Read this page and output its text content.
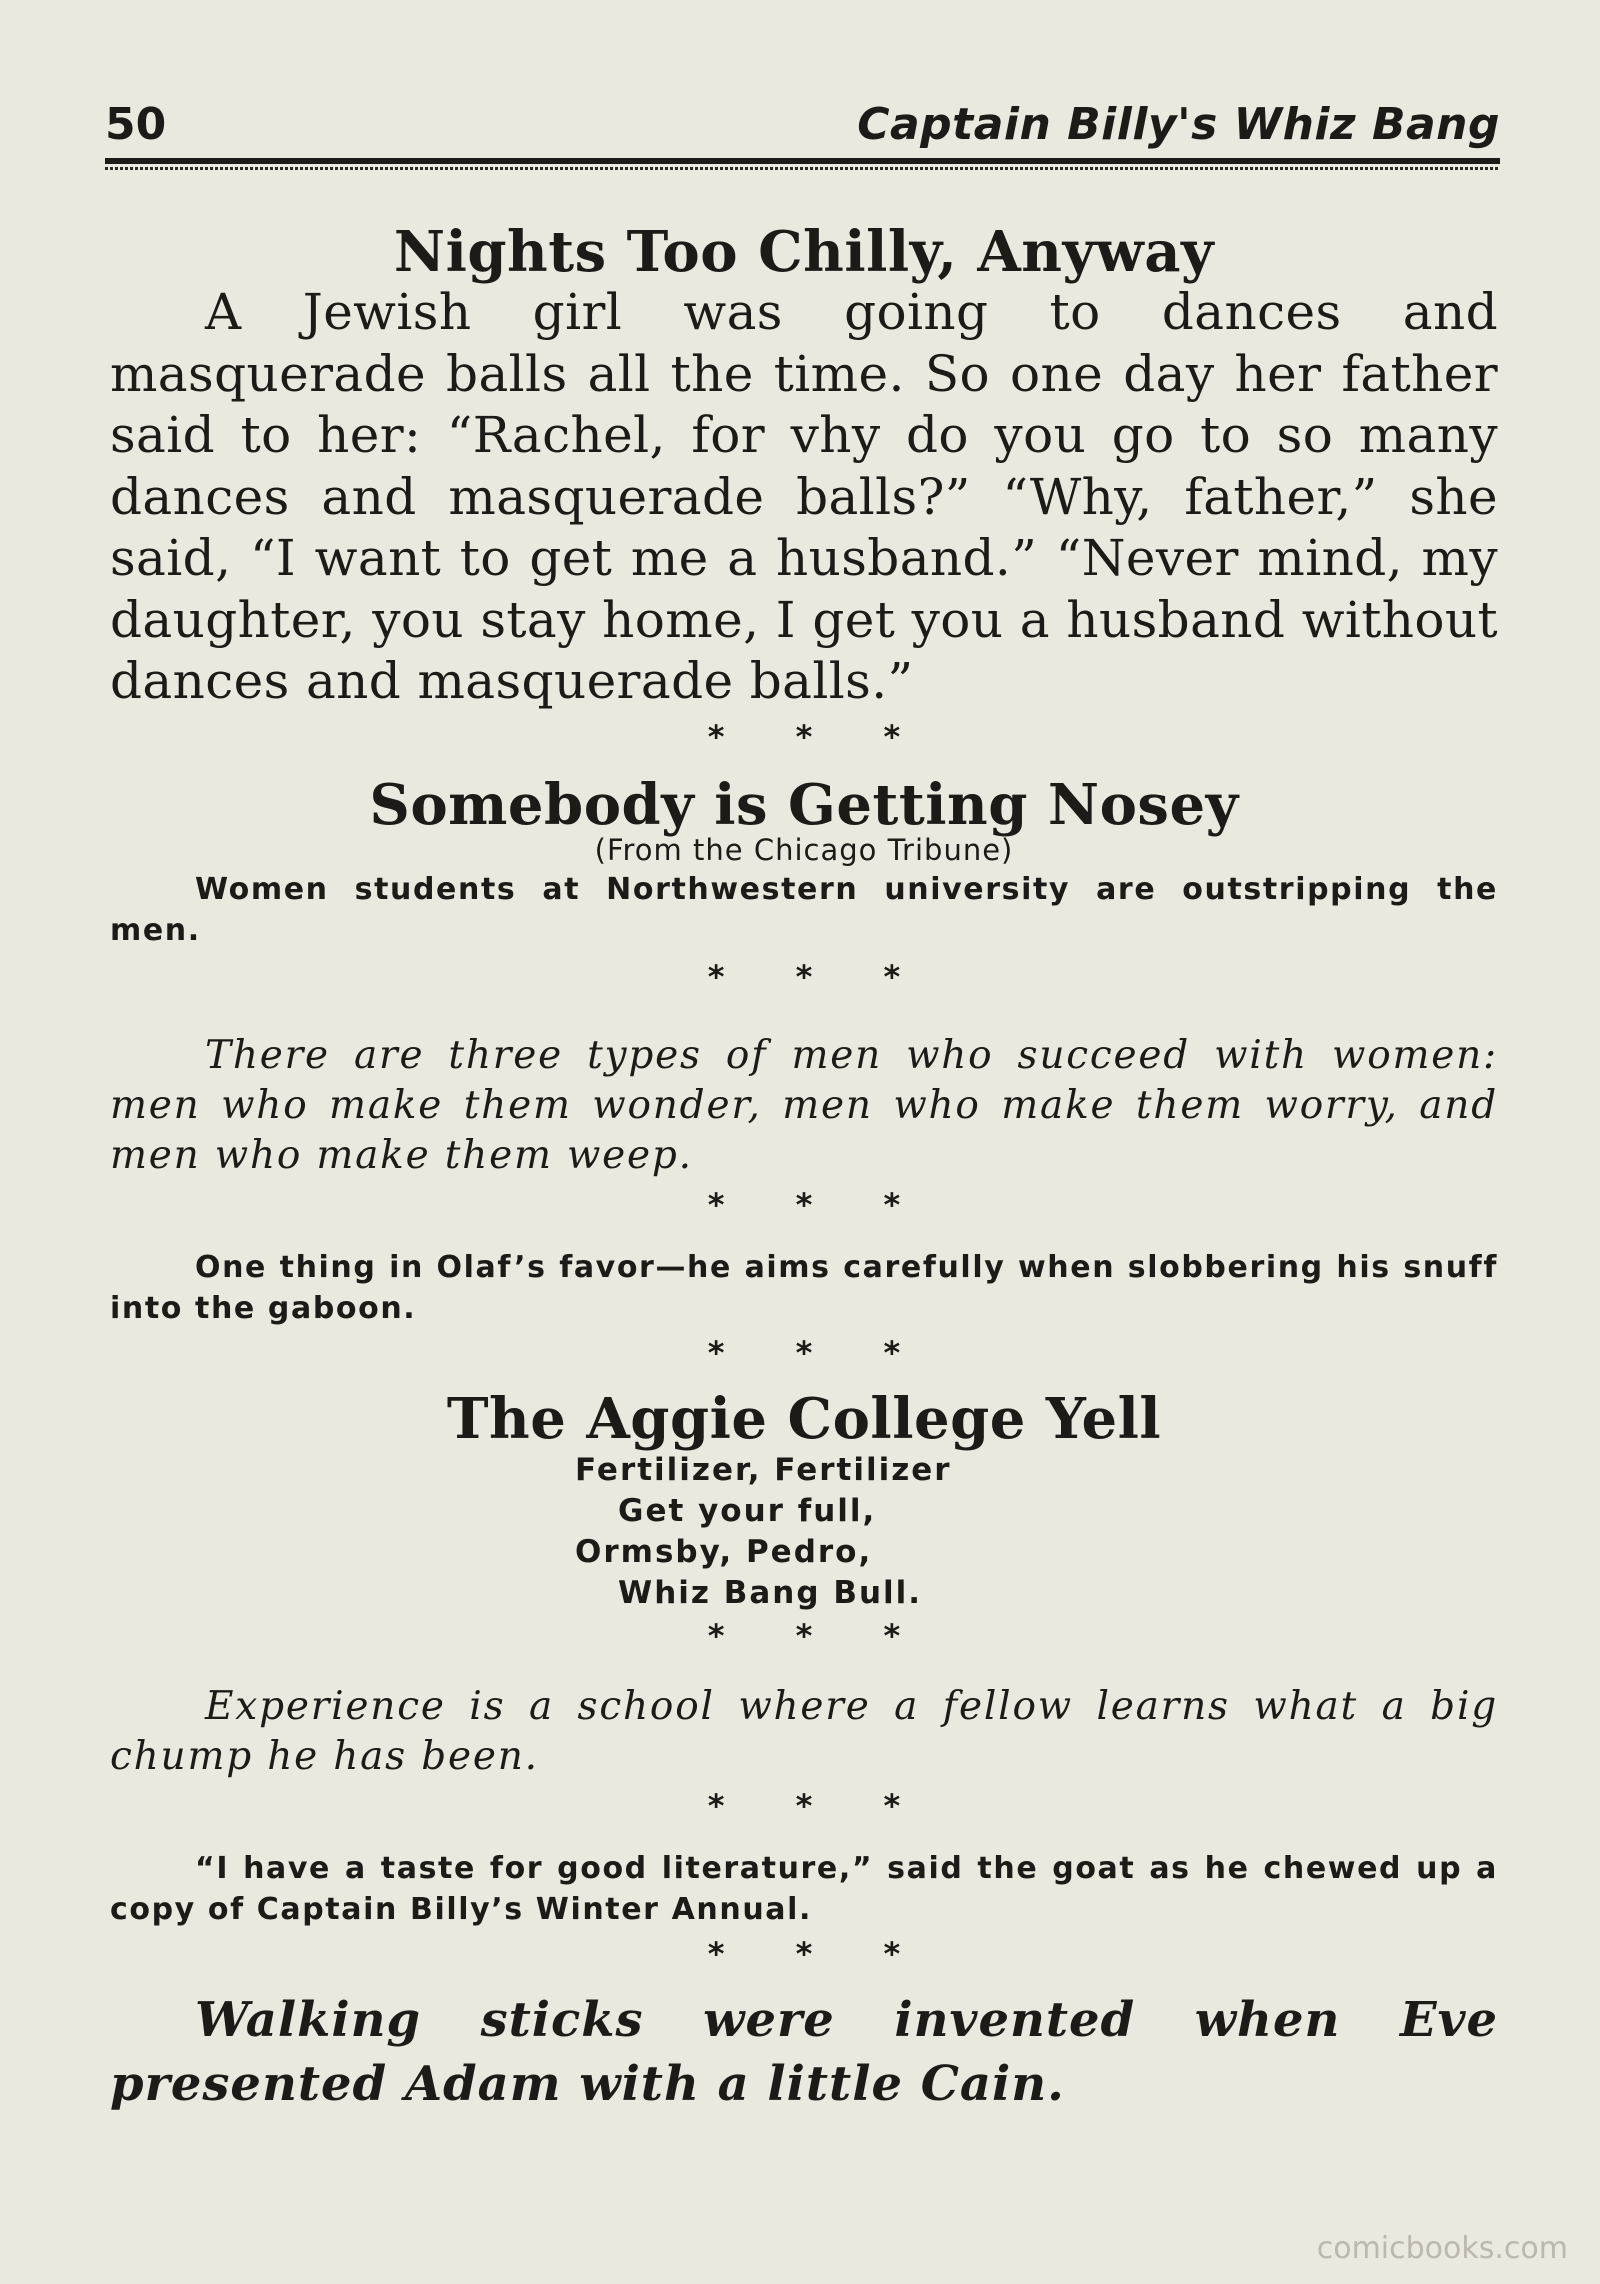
50	Captain Billy's Whiz Bang
Nights Too Chilly, Anyway

A Jewish girl was going to dances and masquerade balls all the time. So one day her father said to her: “Rachel, for vhy do you go to so many dances and masquerade balls?” “Why, father,” she said, “I want to get me a husband.” “Never mind, my daughter, you stay home, I get you a husband without dances and masquerade balls.”

* * *
Somebody is Getting Nosey
(From the Chicago Tribune)

Women students at Northwestern university are outstripping the men.

* * *

There are three types of men who succeed with women: men who make them wonder, men who make them worry, and men who make them weep.

* * *

One thing in Olaf’s favor—he aims carefully when slobbering his snuff into the gaboon.

* * *
The Aggie College Yell
Fertilizer, Fertilizer
Get your full,
Ormsby, Pedro,
Whiz Bang Bull.
* * *

Experience is a school where a fellow learns what a big chump he has been.

* * *

“I have a taste for good literature,” said the goat as he chewed up a copy of Captain Billy’s Winter Annual.

* * *

Walking sticks were invented when Eve presented Adam with a little Cain.

comicbooks.com
